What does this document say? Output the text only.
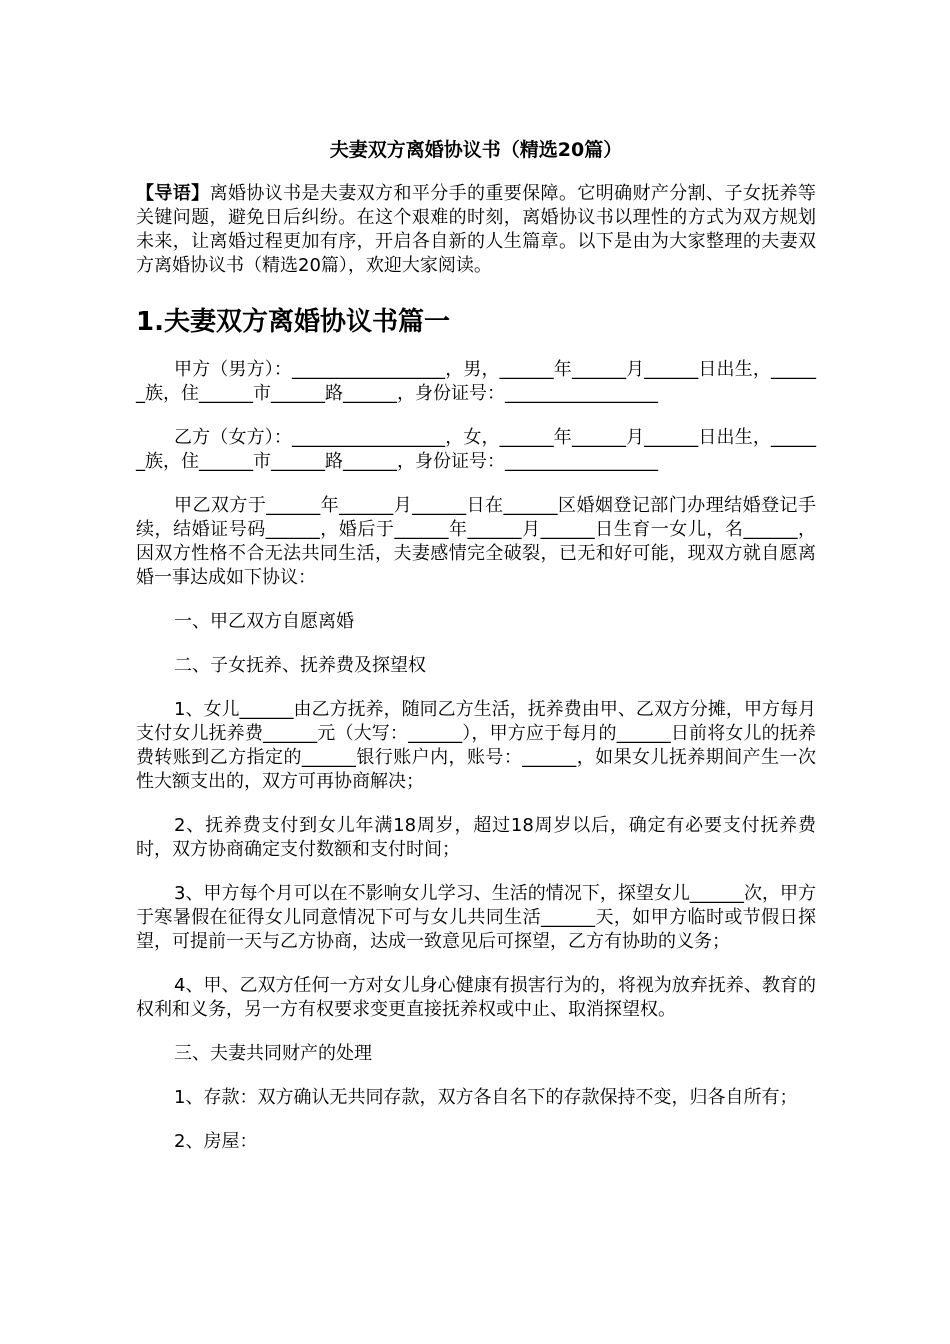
夫妻双方离婚协议书（精选20篇）

【导语】离婚协议书是夫妻双方和平分手的重要保障。它明确财产分割、子女抚养等关键问题，避免日后纠纷。在这个艰难的时刻，离婚协议书以理性的方式为双方规划未来，让离婚过程更加有序，开启各自新的人生篇章。以下是由为大家整理的夫妻双方离婚协议书（精选20篇），欢迎大家阅读。

1.夫妻双方离婚协议书篇一

甲方（男方）：_________________，男，______年______月______日出生，______族，住______市______路______，身份证号：_________________

乙方（女方）：_________________，女，______年______月______日出生，______族，住______市______路______，身份证号：_________________

甲乙双方于______年______月______日在______区婚姻登记部门办理结婚登记手续，结婚证号码______，婚后于______年______月______日生育一女儿，名______，因双方性格不合无法共同生活，夫妻感情完全破裂，已无和好可能，现双方就自愿离婚一事达成如下协议：

一、甲乙双方自愿离婚

二、子女抚养、抚养费及探望权

1、女儿______由乙方抚养，随同乙方生活，抚养费由甲、乙双方分摊，甲方每月支付女儿抚养费______元（大写：______），甲方应于每月的______日前将女儿的抚养费转账到乙方指定的______银行账户内，账号：______，如果女儿抚养期间产生一次性大额支出的，双方可再协商解决；

2、抚养费支付到女儿年满18周岁，超过18周岁以后，确定有必要支付抚养费时，双方协商确定支付数额和支付时间；

3、甲方每个月可以在不影响女儿学习、生活的情况下，探望女儿______次，甲方于寒暑假在征得女儿同意情况下可与女儿共同生活______天，如甲方临时或节假日探望，可提前一天与乙方协商，达成一致意见后可探望，乙方有协助的义务；

4、甲、乙双方任何一方对女儿身心健康有损害行为的，将视为放弃抚养、教育的权利和义务，另一方有权要求变更直接抚养权或中止、取消探望权。

三、夫妻共同财产的处理

1、存款：双方确认无共同存款，双方各自名下的存款保持不变，归各自所有；

2、房屋：
